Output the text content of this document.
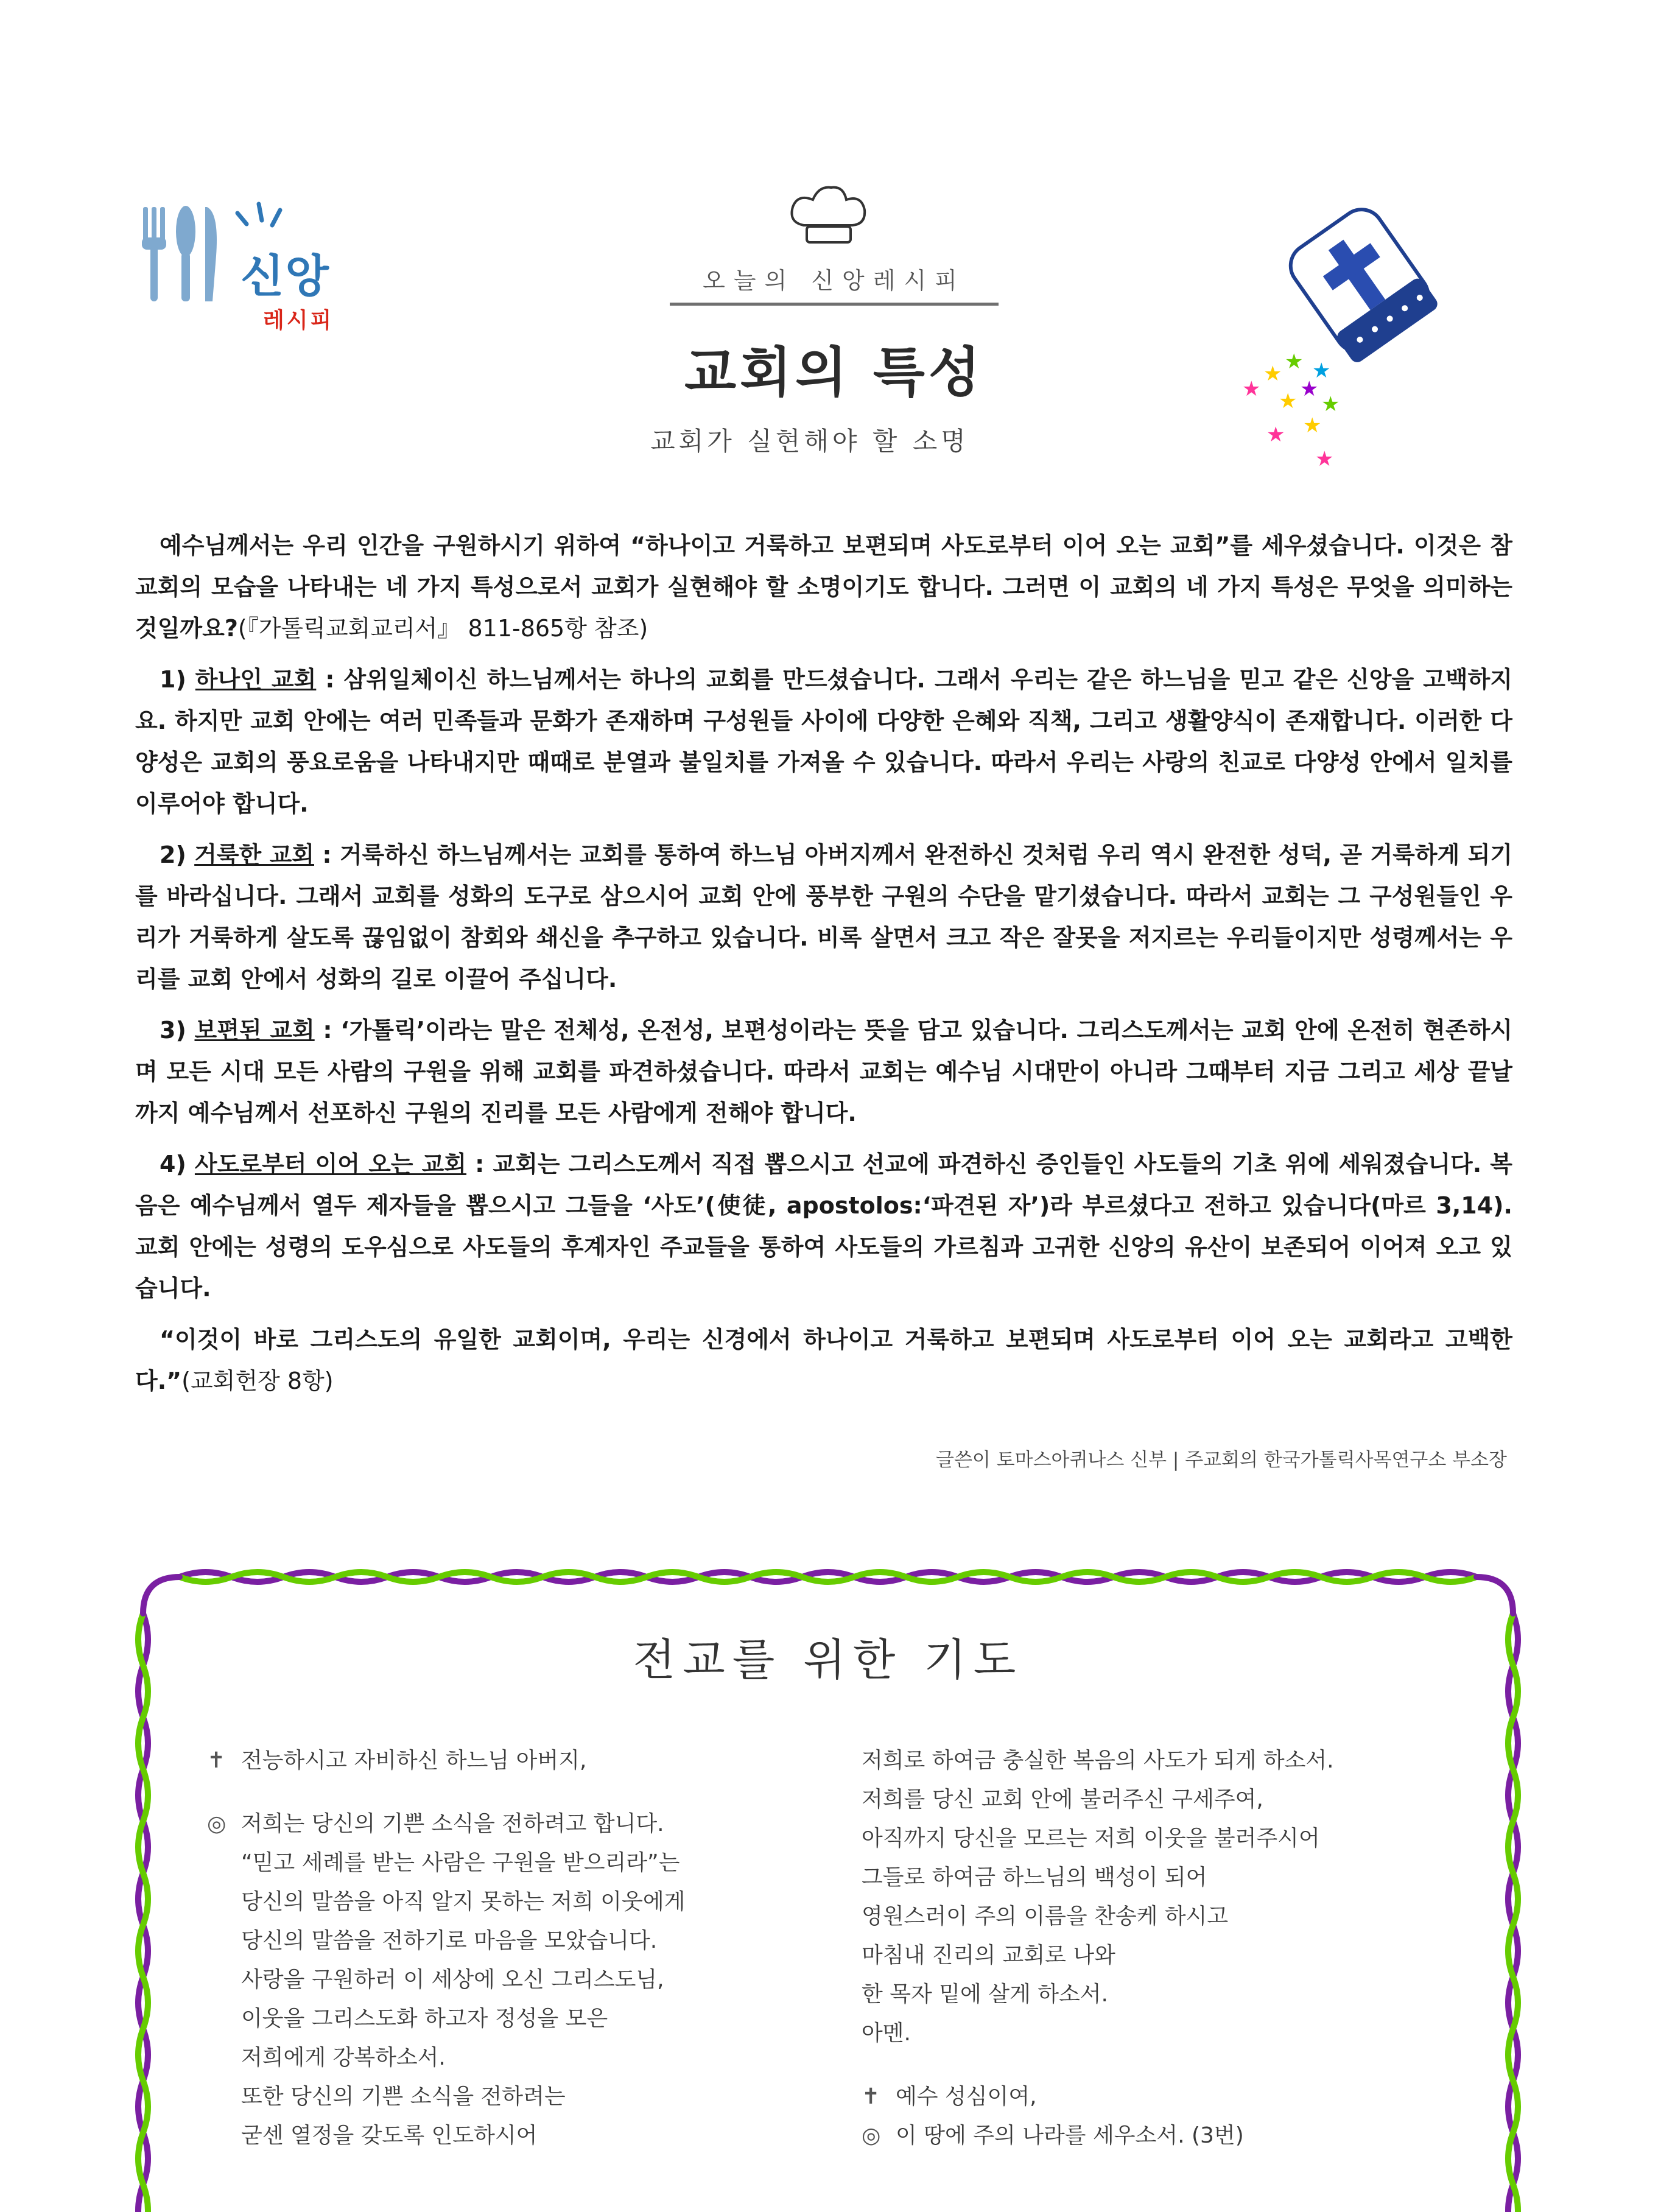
신앙
레시피
오늘의 신앙레시피
교회의 특성
교회가 실현해야 할 소명
★
★ ★
★
★
★ ★
★ ★
★

예수님께서는 우리 인간을 구원하시기 위하여 “하나이고 거룩하고 보편되며 사도로부터 이어 오는 교회”를 세우셨습니다. 이것은 참교회의 모습을 나타내는 네 가지 특성으로서 교회가 실현해야 할 소명이기도 합니다. 그러면 이 교회의 네 가지 특성은 무엇을 의미하는 것일까요?(『가톨릭교회교리서』 811-865항 참조)

1) 하나인 교회 : 삼위일체이신 하느님께서는 하나의 교회를 만드셨습니다. 그래서 우리는 같은 하느님을 믿고 같은 신앙을 고백하지요. 하지만 교회 안에는 여러 민족들과 문화가 존재하며 구성원들 사이에 다양한 은혜와 직책, 그리고 생활양식이 존재합니다. 이러한 다양성은 교회의 풍요로움을 나타내지만 때때로 분열과 불일치를 가져올 수 있습니다. 따라서 우리는 사랑의 친교로 다양성 안에서 일치를 이루어야 합니다.

2) 거룩한 교회 : 거룩하신 하느님께서는 교회를 통하여 하느님 아버지께서 완전하신 것처럼 우리 역시 완전한 성덕, 곧 거룩하게 되기를 바라십니다. 그래서 교회를 성화의 도구로 삼으시어 교회 안에 풍부한 구원의 수단을 맡기셨습니다. 따라서 교회는 그 구성원들인 우리가 거룩하게 살도록 끊임없이 참회와 쇄신을 추구하고 있습니다. 비록 살면서 크고 작은 잘못을 저지르는 우리들이지만 성령께서는 우리를 교회 안에서 성화의 길로 이끌어 주십니다.

3) 보편된 교회 : ‘가톨릭’이라는 말은 전체성, 온전성, 보편성이라는 뜻을 담고 있습니다. 그리스도께서는 교회 안에 온전히 현존하시며 모든 시대 모든 사람의 구원을 위해 교회를 파견하셨습니다. 따라서 교회는 예수님 시대만이 아니라 그때부터 지금 그리고 세상 끝날까지 예수님께서 선포하신 구원의 진리를 모든 사람에게 전해야 합니다.

4) 사도로부터 이어 오는 교회 : 교회는 그리스도께서 직접 뽑으시고 선교에 파견하신 증인들인 사도들의 기초 위에 세워졌습니다. 복음은 예수님께서 열두 제자들을 뽑으시고 그들을 ‘사도’(使徒, apostolos:‘파견된 자’)라 부르셨다고 전하고 있습니다(마르 3,14). 교회 안에는 성령의 도우심으로 사도들의 후계자인 주교들을 통하여 사도들의 가르침과 고귀한 신앙의 유산이 보존되어 이어져 오고 있습니다.

“이것이 바로 그리스도의 유일한 교회이며, 우리는 신경에서 하나이고 거룩하고 보편되며 사도로부터 이어 오는 교회라고 고백한다.”(교회헌장 8항)

글쓴이 토마스아퀴나스 신부 | 주교회의 한국가톨릭사목연구소 부소장
전교를 위한 기도
✝ 전능하시고 자비하신 하느님 아버지,
◎ 저희는 당신의 기쁜 소식을 전하려고 합니다.
“믿고 세례를 받는 사람은 구원을 받으리라”는
당신의 말씀을 아직 알지 못하는 저희 이웃에게
당신의 말씀을 전하기로 마음을 모았습니다.
사랑을 구원하러 이 세상에 오신 그리스도님,
이웃을 그리스도화 하고자 정성을 모은
저희에게 강복하소서.
또한 당신의 기쁜 소식을 전하려는
굳센 열정을 갖도록 인도하시어
저희로 하여금 충실한 복음의 사도가 되게 하소서.
저희를 당신 교회 안에 불러주신 구세주여,
아직까지 당신을 모르는 저희 이웃을 불러주시어
그들로 하여금 하느님의 백성이 되어
영원스러이 주의 이름을 찬송케 하시고
마침내 진리의 교회로 나와
한 목자 밑에 살게 하소서.
아멘.
✝ 예수 성심이여,
◎ 이 땅에 주의 나라를 세우소서. (3번)
